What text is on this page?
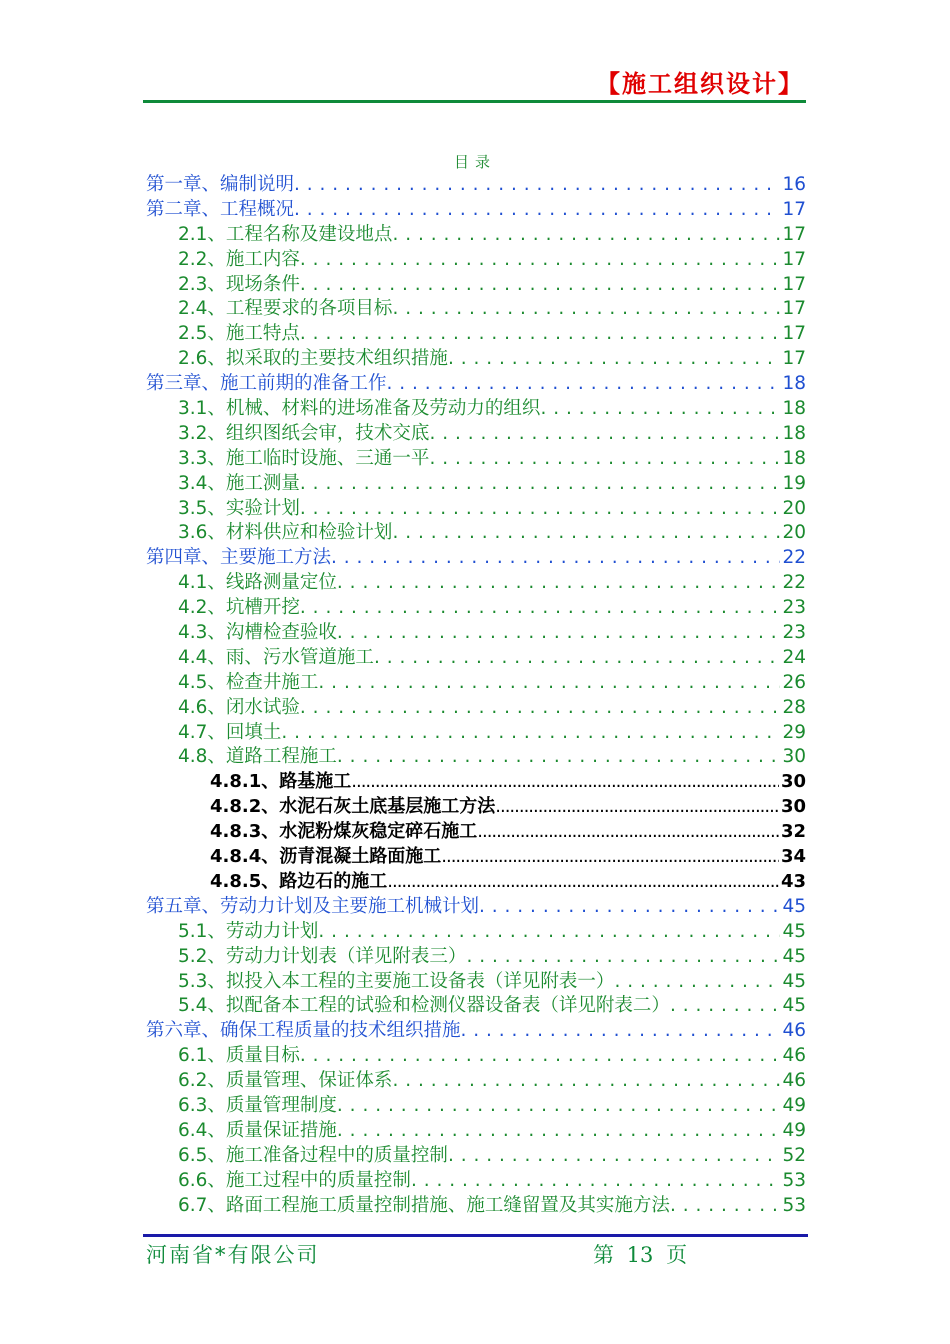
【施工组织设计】
目录
第一章、编制说明 . . .	16
第二章、工程概况 . . .	17
2.1、工程名称及建设地点 . . .	17
2.2、施工内容 . . .	17
2.3、现场条件 . . .	17
2.4、工程要求的各项目标 . . .	17
2.5、施工特点 . . .	17
2.6、拟采取的主要技术组织措施 . . .	17
第三章、施工前期的准备工作 . . .	18
3.1、机械、材料的进场准备及劳动力的组织 . . .	18
3.2、组织图纸会审，技术交底 . . .	18
3.3、施工临时设施、三通一平 . . .	18
3.4、施工测量 . . .	19
3.5、实验计划 . . .	20
3.6、材料供应和检验计划 . . .	20
第四章、主要施工方法 . . .	22
4.1、线路测量定位 . . .	22
4.2、坑槽开挖 . . .	23
4.3、沟槽检查验收 . . .	23
4.4、雨、污水管道施工 . . .	24
4.5、检查井施工 . . .	26
4.6、闭水试验 . . .	28
4.7、回填土 . . .	29
4.8、道路工程施工 . . .	30
4.8.1、路基施工 .....	30
4.8.2、水泥石灰土底基层施工方法 .....	30
4.8.3、水泥粉煤灰稳定碎石施工 .....	32
4.8.4、沥青混凝土路面施工 .....	34
4.8.5、路边石的施工 .....	43
第五章、劳动力计划及主要施工机械计划 . . .	45
5.1、劳动力计划 . . .	45
5.2、劳动力计划表（详见附表三） . . .	45
5.3、拟投入本工程的主要施工设备表（详见附表一） . . .	45
5.4、拟配备本工程的试验和检测仪器设备表（详见附表二） . . .	45
第六章、确保工程质量的技术组织措施 . . .	46
6.1、质量目标 . . .	46
6.2、质量管理、保证体系 . . .	46
6.3、质量管理制度 . . .	49
6.4、质量保证措施 . . .	49
6.5、施工准备过程中的质量控制 . . .	52
6.6、施工过程中的质量控制 . . .	53
6.7、路面工程施工质量控制措施、施工缝留置及其实施方法 . . .	53
河南省*有限公司	第 13 页
